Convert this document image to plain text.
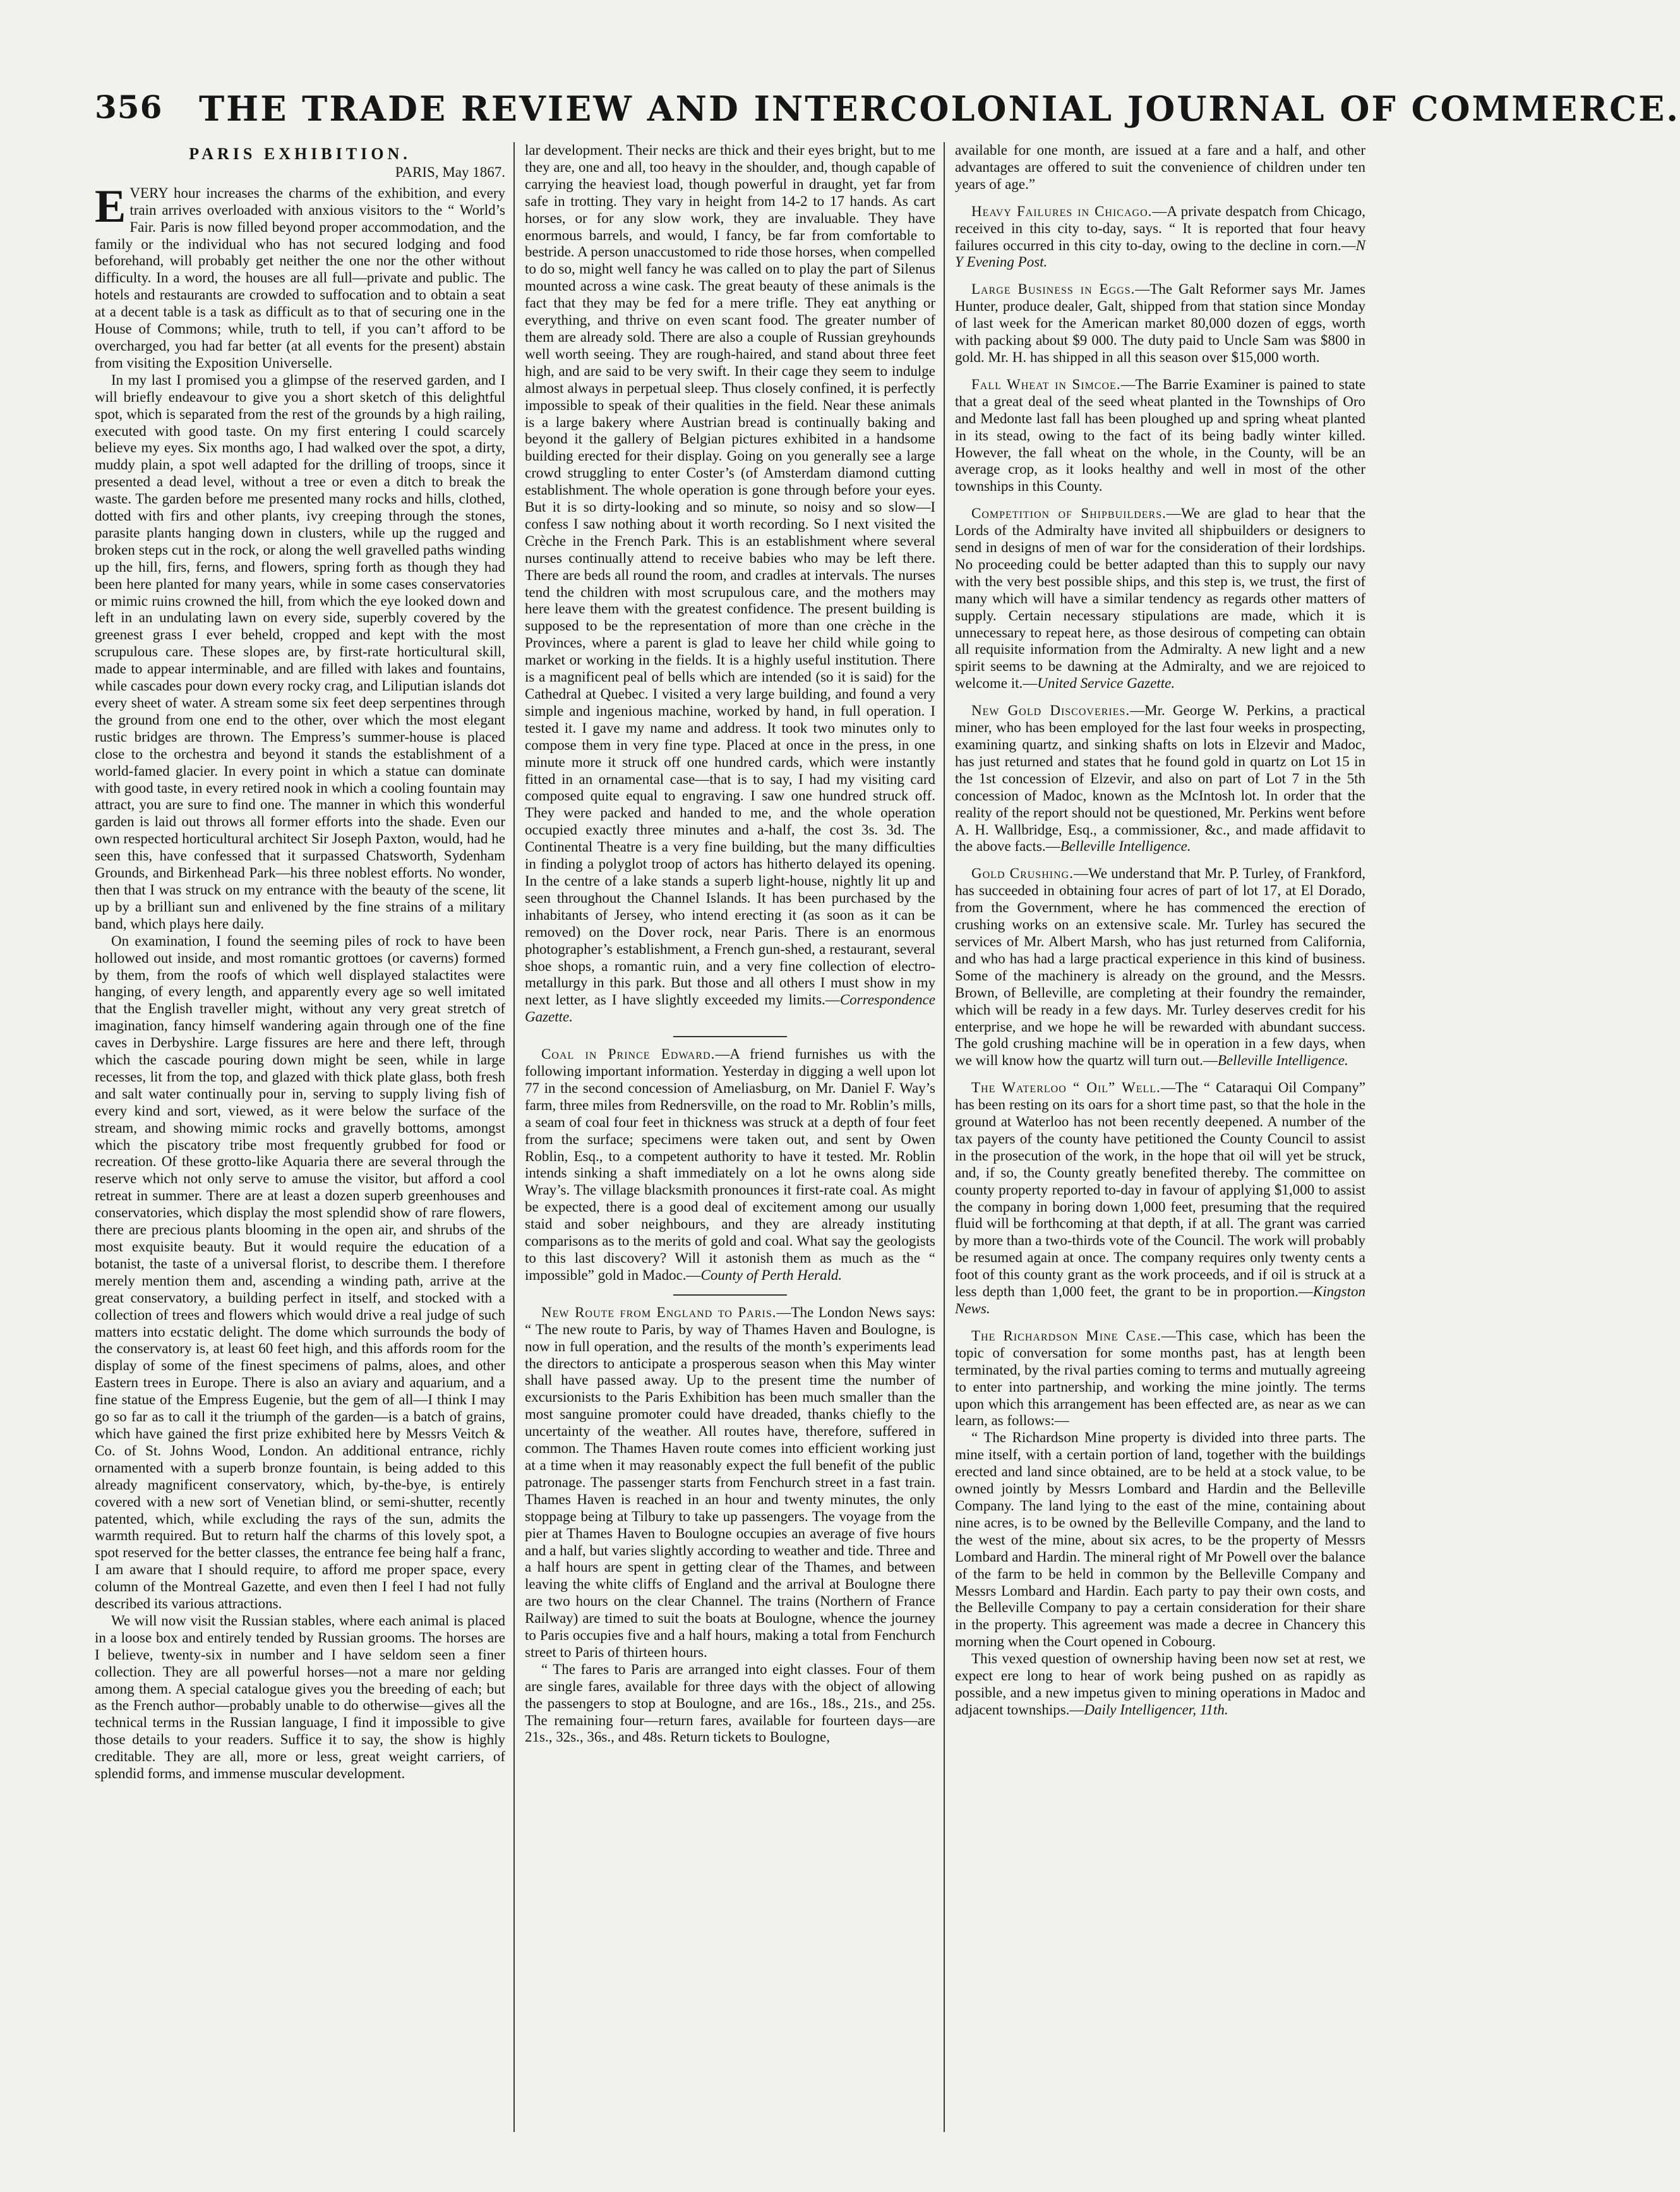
356 THE TRADE REVIEW AND INTERCOLONIAL JOURNAL OF COMMERCE.
PARIS EXHIBITION.

PARIS, May 1867.

EVERY hour increases the charms of the exhibition, and every train arrives overloaded with anxious visitors to the “ World’s Fair. Paris is now filled beyond proper accommodation, and the family or the individual who has not secured lodging and food beforehand, will probably get neither the one nor the other without difficulty. In a word, the houses are all full—private and public. The hotels and restaurants are crowded to suffocation and to obtain a seat at a decent table is a task as difficult as to that of securing one in the House of Commons; while, truth to tell, if you can’t afford to be overcharged, you had far better (at all events for the present) abstain from visiting the Exposition Universelle.

In my last I promised you a glimpse of the reserved garden, and I will briefly endeavour to give you a short sketch of this delightful spot, which is separated from the rest of the grounds by a high railing, executed with good taste. On my first entering I could scarcely believe my eyes. Six months ago, I had walked over the spot, a dirty, muddy plain, a spot well adapted for the drilling of troops, since it presented a dead level, without a tree or even a ditch to break the waste. The garden before me presented many rocks and hills, clothed, dotted with firs and other plants, ivy creeping through the stones, parasite plants hanging down in clusters, while up the rugged and broken steps cut in the rock, or along the well gravelled paths winding up the hill, firs, ferns, and flowers, spring forth as though they had been here planted for many years, while in some cases conservatories or mimic ruins crowned the hill, from which the eye looked down and left in an undulating lawn on every side, superbly covered by the greenest grass I ever beheld, cropped and kept with the most scrupulous care. These slopes are, by first-rate horticultural skill, made to appear interminable, and are filled with lakes and fountains, while cascades pour down every rocky crag, and Liliputian islands dot every sheet of water. A stream some six feet deep serpentines through the ground from one end to the other, over which the most elegant rustic bridges are thrown. The Empress’s summer-house is placed close to the orchestra and beyond it stands the establishment of a world-famed glacier. In every point in which a statue can dominate with good taste, in every retired nook in which a cooling fountain may attract, you are sure to find one. The manner in which this wonderful garden is laid out throws all former efforts into the shade. Even our own respected horticultural architect Sir Joseph Paxton, would, had he seen this, have confessed that it surpassed Chatsworth, Sydenham Grounds, and Birkenhead Park—his three noblest efforts. No wonder, then that I was struck on my entrance with the beauty of the scene, lit up by a brilliant sun and enlivened by the fine strains of a military band, which plays here daily.

On examination, I found the seeming piles of rock to have been hollowed out inside, and most romantic grottoes (or caverns) formed by them, from the roofs of which well displayed stalactites were hanging, of every length, and apparently every age so well imitated that the English traveller might, without any very great stretch of imagination, fancy himself wandering again through one of the fine caves in Derbyshire. Large fissures are here and there left, through which the cascade pouring down might be seen, while in large recesses, lit from the top, and glazed with thick plate glass, both fresh and salt water continually pour in, serving to supply living fish of every kind and sort, viewed, as it were below the surface of the stream, and showing mimic rocks and gravelly bottoms, amongst which the piscatory tribe most frequently grubbed for food or recreation. Of these grotto-like Aquaria there are several through the reserve which not only serve to amuse the visitor, but afford a cool retreat in summer. There are at least a dozen superb greenhouses and conservatories, which display the most splendid show of rare flowers, there are precious plants blooming in the open air, and shrubs of the most exquisite beauty. But it would require the education of a botanist, the taste of a universal florist, to describe them. I therefore merely mention them and, ascending a winding path, arrive at the great conservatory, a building perfect in itself, and stocked with a collection of trees and flowers which would drive a real judge of such matters into ecstatic delight. The dome which surrounds the body of the conservatory is, at least 60 feet high, and this affords room for the display of some of the finest specimens of palms, aloes, and other Eastern trees in Europe. There is also an aviary and aquarium, and a fine statue of the Empress Eugenie, but the gem of all—I think I may go so far as to call it the triumph of the garden—is a batch of grains, which have gained the first prize exhibited here by Messrs Veitch & Co. of St. Johns Wood, London. An additional entrance, richly ornamented with a superb bronze fountain, is being added to this already magnificent conservatory, which, by-the-bye, is entirely covered with a new sort of Venetian blind, or semi-shutter, recently patented, which, while excluding the rays of the sun, admits the warmth required. But to return half the charms of this lovely spot, a spot reserved for the better classes, the entrance fee being half a franc, I am aware that I should require, to afford me proper space, every column of the Montreal Gazette, and even then I feel I had not fully described its various attractions.

We will now visit the Russian stables, where each animal is placed in a loose box and entirely tended by Russian grooms. The horses are I believe, twenty-six in number and I have seldom seen a finer collection. They are all powerful horses—not a mare nor gelding among them. A special catalogue gives you the breeding of each; but as the French author—probably unable to do otherwise—gives all the technical terms in the Russian language, I find it impossible to give those details to your readers. Suffice it to say, the show is highly creditable. They are all, more or less, great weight carriers, of splendid forms, and immense muscular development.

lar development. Their necks are thick and their eyes bright, but to me they are, one and all, too heavy in the shoulder, and, though capable of carrying the heaviest load, though powerful in draught, yet far from safe in trotting. They vary in height from 14-2 to 17 hands. As cart horses, or for any slow work, they are invaluable. They have enormous barrels, and would, I fancy, be far from comfortable to bestride. A person unaccustomed to ride those horses, when compelled to do so, might well fancy he was called on to play the part of Silenus mounted across a wine cask. The great beauty of these animals is the fact that they may be fed for a mere trifle. They eat anything or everything, and thrive on even scant food. The greater number of them are already sold. There are also a couple of Russian greyhounds well worth seeing. They are rough-haired, and stand about three feet high, and are said to be very swift. In their cage they seem to indulge almost always in perpetual sleep. Thus closely confined, it is perfectly impossible to speak of their qualities in the field. Near these animals is a large bakery where Austrian bread is continually baking and beyond it the gallery of Belgian pictures exhibited in a handsome building erected for their display. Going on you generally see a large crowd struggling to enter Coster’s (of Amsterdam diamond cutting establishment. The whole operation is gone through before your eyes. But it is so dirty-looking and so minute, so noisy and so slow—I confess I saw nothing about it worth recording. So I next visited the Crèche in the French Park. This is an establishment where several nurses continually attend to receive babies who may be left there. There are beds all round the room, and cradles at intervals. The nurses tend the children with most scrupulous care, and the mothers may here leave them with the greatest confidence. The present building is supposed to be the representation of more than one crèche in the Provinces, where a parent is glad to leave her child while going to market or working in the fields. It is a highly useful institution. There is a magnificent peal of bells which are intended (so it is said) for the Cathedral at Quebec. I visited a very large building, and found a very simple and ingenious machine, worked by hand, in full operation. I tested it. I gave my name and address. It took two minutes only to compose them in very fine type. Placed at once in the press, in one minute more it struck off one hundred cards, which were instantly fitted in an ornamental case—that is to say, I had my visiting card composed quite equal to engraving. I saw one hundred struck off. They were packed and handed to me, and the whole operation occupied exactly three minutes and a-half, the cost 3s. 3d. The Continental Theatre is a very fine building, but the many difficulties in finding a polyglot troop of actors has hitherto delayed its opening. In the centre of a lake stands a superb light-house, nightly lit up and seen throughout the Channel Islands. It has been purchased by the inhabitants of Jersey, who intend erecting it (as soon as it can be removed) on the Dover rock, near Paris. There is an enormous photographer’s establishment, a French gun-shed, a restaurant, several shoe shops, a romantic ruin, and a very fine collection of electro-metallurgy in this park. But those and all others I must show in my next letter, as I have slightly exceeded my limits.—Correspondence Gazette.

Coal in Prince Edward.—A friend furnishes us with the following important information. Yesterday in digging a well upon lot 77 in the second concession of Ameliasburg, on Mr. Daniel F. Way’s farm, three miles from Rednersville, on the road to Mr. Roblin’s mills, a seam of coal four feet in thickness was struck at a depth of four feet from the surface; specimens were taken out, and sent by Owen Roblin, Esq., to a competent authority to have it tested. Mr. Roblin intends sinking a shaft immediately on a lot he owns along side Wray’s. The village blacksmith pronounces it first-rate coal. As might be expected, there is a good deal of excitement among our usually staid and sober neighbours, and they are already instituting comparisons as to the merits of gold and coal. What say the geologists to this last discovery? Will it astonish them as much as the “ impossible” gold in Madoc.—County of Perth Herald.

New Route from England to Paris.—The London News says: “ The new route to Paris, by way of Thames Haven and Boulogne, is now in full operation, and the results of the month’s experiments lead the directors to anticipate a prosperous season when this May winter shall have passed away. Up to the present time the number of excursionists to the Paris Exhibition has been much smaller than the most sanguine promoter could have dreaded, thanks chiefly to the uncertainty of the weather. All routes have, therefore, suffered in common. The Thames Haven route comes into efficient working just at a time when it may reasonably expect the full benefit of the public patronage. The passenger starts from Fenchurch street in a fast train. Thames Haven is reached in an hour and twenty minutes, the only stoppage being at Tilbury to take up passengers. The voyage from the pier at Thames Haven to Boulogne occupies an average of five hours and a half, but varies slightly according to weather and tide. Three and a half hours are spent in getting clear of the Thames, and between leaving the white cliffs of England and the arrival at Boulogne there are two hours on the clear Channel. The trains (Northern of France Railway) are timed to suit the boats at Boulogne, whence the journey to Paris occupies five and a half hours, making a total from Fenchurch street to Paris of thirteen hours.

“ The fares to Paris are arranged into eight classes. Four of them are single fares, available for three days with the object of allowing the passengers to stop at Boulogne, and are 16s., 18s., 21s., and 25s. The remaining four—return fares, available for fourteen days—are 21s., 32s., 36s., and 48s. Return tickets to Boulogne,

available for one month, are issued at a fare and a half, and other advantages are offered to suit the convenience of children under ten years of age.”

Heavy Failures in Chicago.—A private despatch from Chicago, received in this city to-day, says. “ It is reported that four heavy failures occurred in this city to-day, owing to the decline in corn.—N Y Evening Post.

Large Business in Eggs.—The Galt Reformer says Mr. James Hunter, produce dealer, Galt, shipped from that station since Monday of last week for the American market 80,000 dozen of eggs, worth with packing about $9 000. The duty paid to Uncle Sam was $800 in gold. Mr. H. has shipped in all this season over $15,000 worth.

Fall Wheat in Simcoe.—The Barrie Examiner is pained to state that a great deal of the seed wheat planted in the Townships of Oro and Medonte last fall has been ploughed up and spring wheat planted in its stead, owing to the fact of its being badly winter killed. However, the fall wheat on the whole, in the County, will be an average crop, as it looks healthy and well in most of the other townships in this County.

Competition of Shipbuilders.—We are glad to hear that the Lords of the Admiralty have invited all shipbuilders or designers to send in designs of men of war for the consideration of their lordships. No proceeding could be better adapted than this to supply our navy with the very best possible ships, and this step is, we trust, the first of many which will have a similar tendency as regards other matters of supply. Certain necessary stipulations are made, which it is unnecessary to repeat here, as those desirous of competing can obtain all requisite information from the Admiralty. A new light and a new spirit seems to be dawning at the Admiralty, and we are rejoiced to welcome it.—United Service Gazette.

New Gold Discoveries.—Mr. George W. Perkins, a practical miner, who has been employed for the last four weeks in prospecting, examining quartz, and sinking shafts on lots in Elzevir and Madoc, has just returned and states that he found gold in quartz on Lot 15 in the 1st concession of Elzevir, and also on part of Lot 7 in the 5th concession of Madoc, known as the McIntosh lot. In order that the reality of the report should not be questioned, Mr. Perkins went before A. H. Wallbridge, Esq., a commissioner, &c., and made affidavit to the above facts.—Belleville Intelligence.

Gold Crushing.—We understand that Mr. P. Turley, of Frankford, has succeeded in obtaining four acres of part of lot 17, at El Dorado, from the Government, where he has commenced the erection of crushing works on an extensive scale. Mr. Turley has secured the services of Mr. Albert Marsh, who has just returned from California, and who has had a large practical experience in this kind of business. Some of the machinery is already on the ground, and the Messrs. Brown, of Belleville, are completing at their foundry the remainder, which will be ready in a few days. Mr. Turley deserves credit for his enterprise, and we hope he will be rewarded with abundant success. The gold crushing machine will be in operation in a few days, when we will know how the quartz will turn out.—Belleville Intelligence.

The Waterloo “ Oil” Well.—The “ Cataraqui Oil Company” has been resting on its oars for a short time past, so that the hole in the ground at Waterloo has not been recently deepened. A number of the tax payers of the county have petitioned the County Council to assist in the prosecution of the work, in the hope that oil will yet be struck, and, if so, the County greatly benefited thereby. The committee on county property reported to-day in favour of applying $1,000 to assist the company in boring down 1,000 feet, presuming that the required fluid will be forthcoming at that depth, if at all. The grant was carried by more than a two-thirds vote of the Council. The work will probably be resumed again at once. The company requires only twenty cents a foot of this county grant as the work proceeds, and if oil is struck at a less depth than 1,000 feet, the grant to be in proportion.—Kingston News.

The Richardson Mine Case.—This case, which has been the topic of conversation for some months past, has at length been terminated, by the rival parties coming to terms and mutually agreeing to enter into partnership, and working the mine jointly. The terms upon which this arrangement has been effected are, as near as we can learn, as follows:—

“ The Richardson Mine property is divided into three parts. The mine itself, with a certain portion of land, together with the buildings erected and land since obtained, are to be held at a stock value, to be owned jointly by Messrs Lombard and Hardin and the Belleville Company. The land lying to the east of the mine, containing about nine acres, is to be owned by the Belleville Company, and the land to the west of the mine, about six acres, to be the property of Messrs Lombard and Hardin. The mineral right of Mr Powell over the balance of the farm to be held in common by the Belleville Company and Messrs Lombard and Hardin. Each party to pay their own costs, and the Belleville Company to pay a certain consideration for their share in the property. This agreement was made a decree in Chancery this morning when the Court opened in Cobourg.

This vexed question of ownership having been now set at rest, we expect ere long to hear of work being pushed on as rapidly as possible, and a new impetus given to mining operations in Madoc and adjacent townships.—Daily Intelligencer, 11th.
